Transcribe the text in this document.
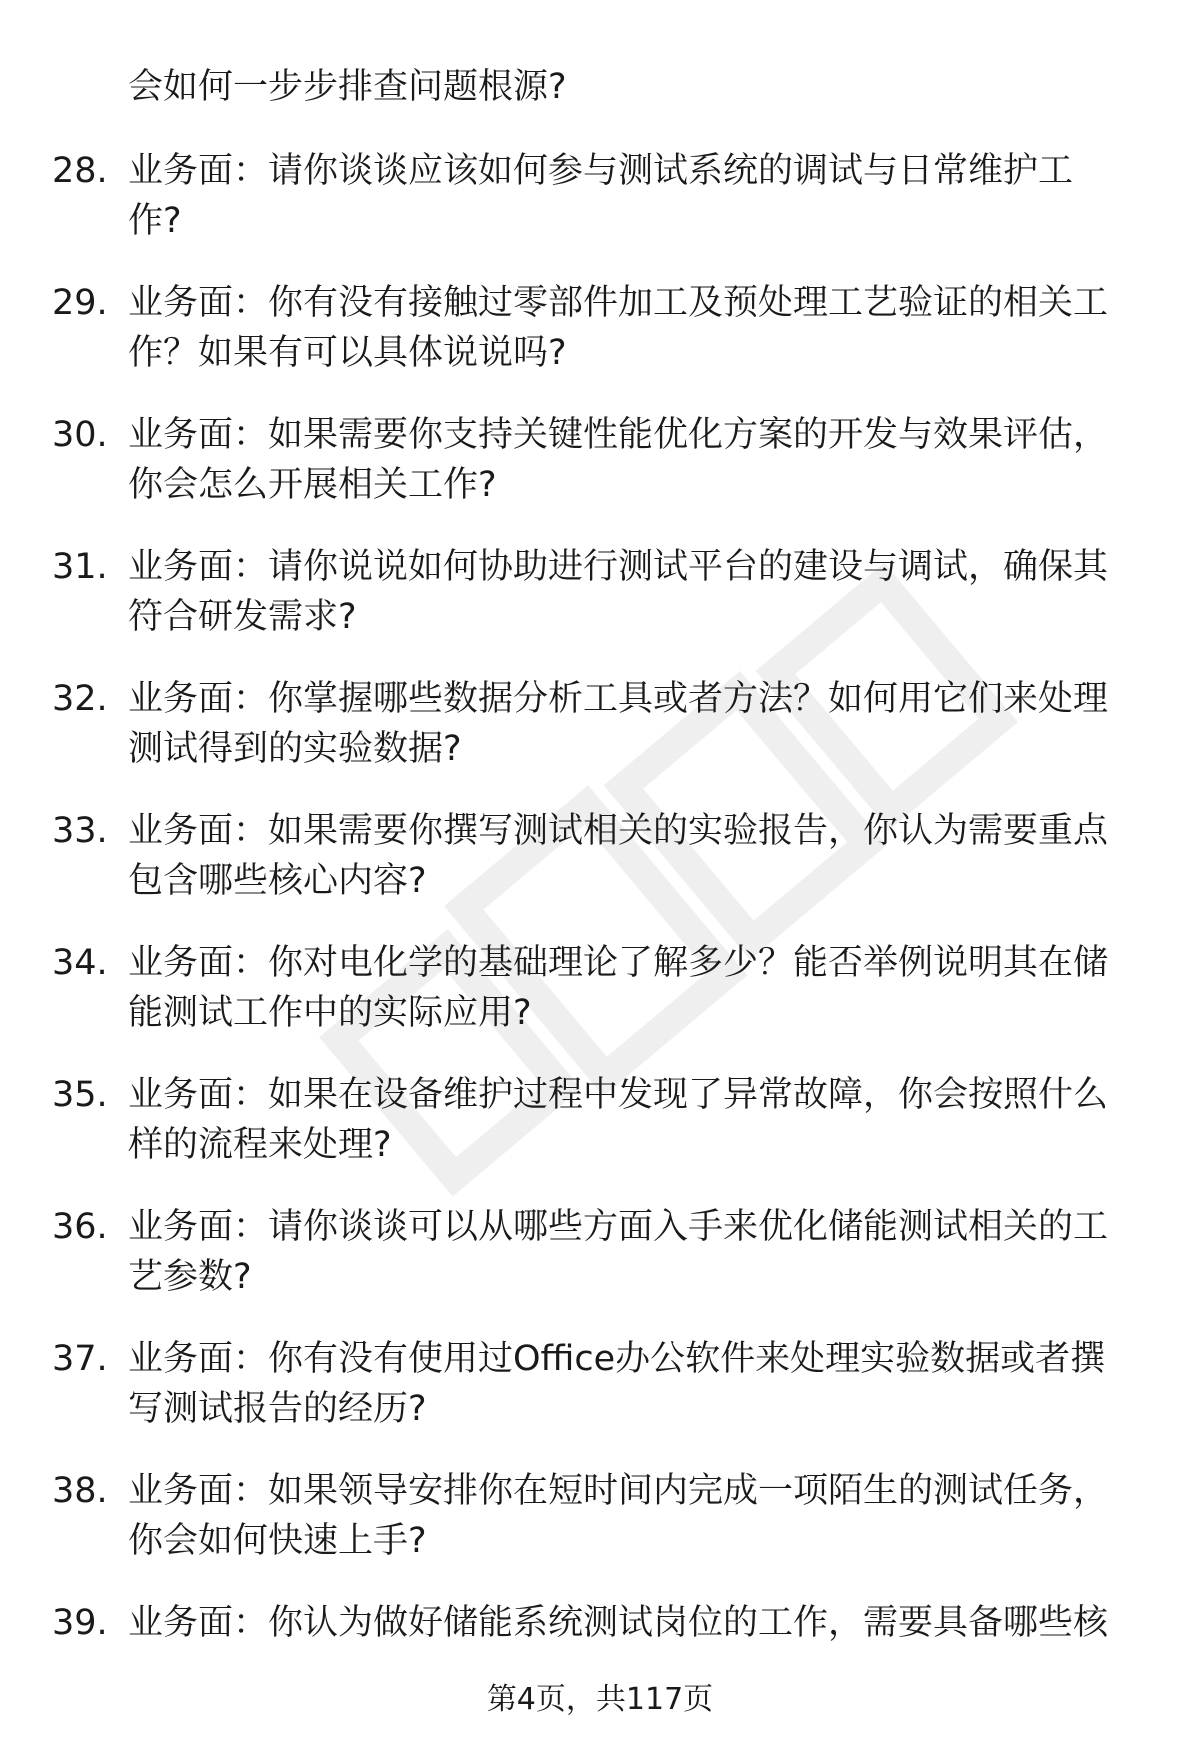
会如何一步步排查问题根源?
28. 业务面：请你谈谈应该如何参与测试系统的调试与日常维护工
作?
29. 业务面：你有没有接触过零部件加工及预处理工艺验证的相关工
作？如果有可以具体说说吗?
30. 业务面：如果需要你支持关键性能优化方案的开发与效果评估，
你会怎么开展相关工作?
31. 业务面：请你说说如何协助进行测试平台的建设与调试，确保其
符合研发需求?
32. 业务面：你掌握哪些数据分析工具或者方法？如何用它们来处理
测试得到的实验数据?
33. 业务面：如果需要你撰写测试相关的实验报告，你认为需要重点
包含哪些核心内容?
34. 业务面：你对电化学的基础理论了解多少？能否举例说明其在储
能测试工作中的实际应用?
35. 业务面：如果在设备维护过程中发现了异常故障，你会按照什么
样的流程来处理?
36. 业务面：请你谈谈可以从哪些方面入手来优化储能测试相关的工
艺参数?
37. 业务面：你有没有使用过Office办公软件来处理实验数据或者撰
写测试报告的经历?
38. 业务面：如果领导安排你在短时间内完成一项陌生的测试任务，
你会如何快速上手?
39. 业务面：你认为做好储能系统测试岗位的工作，需要具备哪些核
第4页，共117页
